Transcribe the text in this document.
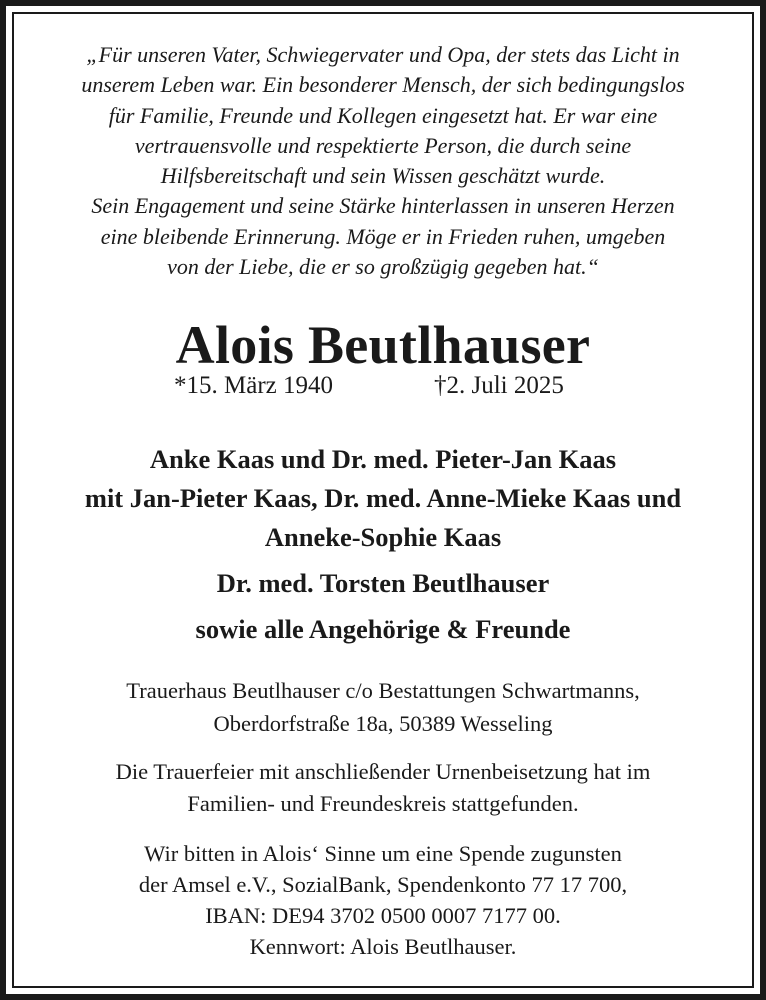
„Für unseren Vater, Schwiegervater und Opa, der stets das Licht in
unserem Leben war. Ein besonderer Mensch, der sich bedingungslos
für Familie, Freunde und Kollegen eingesetzt hat. Er war eine
vertrauensvolle und respektierte Person, die durch seine
Hilfsbereitschaft und sein Wissen geschätzt wurde.
Sein Engagement und seine Stärke hinterlassen in unseren Herzen
eine bleibende Erinnerung. Möge er in Frieden ruhen, umgeben
von der Liebe, die er so großzügig gegeben hat.“
Alois Beutlhauser
*15. März 1940	†2. Juli 2025
Anke Kaas und Dr. med. Pieter-Jan Kaas
mit Jan-Pieter Kaas, Dr. med. Anne-Mieke Kaas und
Anneke-Sophie Kaas
Dr. med. Torsten Beutlhauser
sowie alle Angehörige & Freunde
Trauerhaus Beutlhauser c/o Bestattungen Schwartmanns,
Oberdorfstraße 18a, 50389 Wesseling
Die Trauerfeier mit anschließender Urnenbeisetzung hat im
Familien- und Freundeskreis stattgefunden.
Wir bitten in Alois‘ Sinne um eine Spende zugunsten
der Amsel e.V., SozialBank, Spendenkonto 77 17 700,
IBAN: DE94 3702 0500 0007 7177 00.
Kennwort: Alois Beutlhauser.
